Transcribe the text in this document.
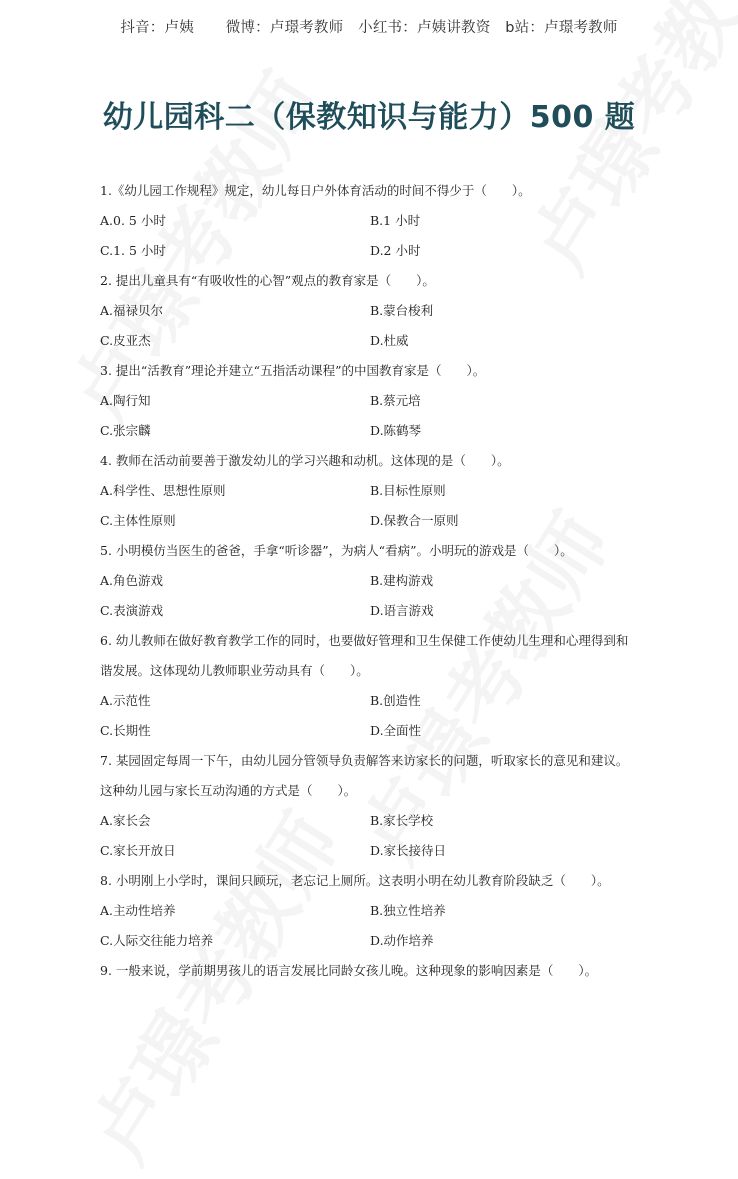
抖音：卢姨 微博：卢璟考教师 小红书：卢姨讲教资 b站：卢璟考教师
幼儿园科二（保教知识与能力）500 题
1.《幼儿园工作规程》规定，幼儿每日户外体育活动的时间不得少于（　　）。
A.0. 5 小时	B.1 小时
C.1. 5 小时	D.2 小时
2. 提出儿童具有“有吸收性的心智”观点的教育家是（　　）。
A.福禄贝尔	B.蒙台梭利
C.皮亚杰	D.杜威
3. 提出“活教育”理论并建立“五指活动课程”的中国教育家是（　　）。
A.陶行知	B.蔡元培
C.张宗麟	D.陈鹤琴
4. 教师在活动前要善于激发幼儿的学习兴趣和动机。这体现的是（　　）。
A.科学性、思想性原则	B.目标性原则
C.主体性原则	D.保教合一原则
5. 小明模仿当医生的爸爸，手拿“听诊器”，为病人“看病”。小明玩的游戏是（　　）。
A.角色游戏	B.建构游戏
C.表演游戏	D.语言游戏
6. 幼儿教师在做好教育教学工作的同时，也要做好管理和卫生保健工作使幼儿生理和心理得到和谐发展。这体现幼儿教师职业劳动具有（　　）。
A.示范性	B.创造性
C.长期性	D.全面性
7. 某园固定每周一下午，由幼儿园分管领导负责解答来访家长的问题，听取家长的意见和建议。这种幼儿园与家长互动沟通的方式是（　　）。
A.家长会	B.家长学校
C.家长开放日	D.家长接待日
8. 小明刚上小学时，课间只顾玩，老忘记上厕所。这表明小明在幼儿教育阶段缺乏（　　）。
A.主动性培养	B.独立性培养
C.人际交往能力培养	D.动作培养
9. 一般来说，学前期男孩儿的语言发展比同龄女孩儿晚。这种现象的影响因素是（　　）。
